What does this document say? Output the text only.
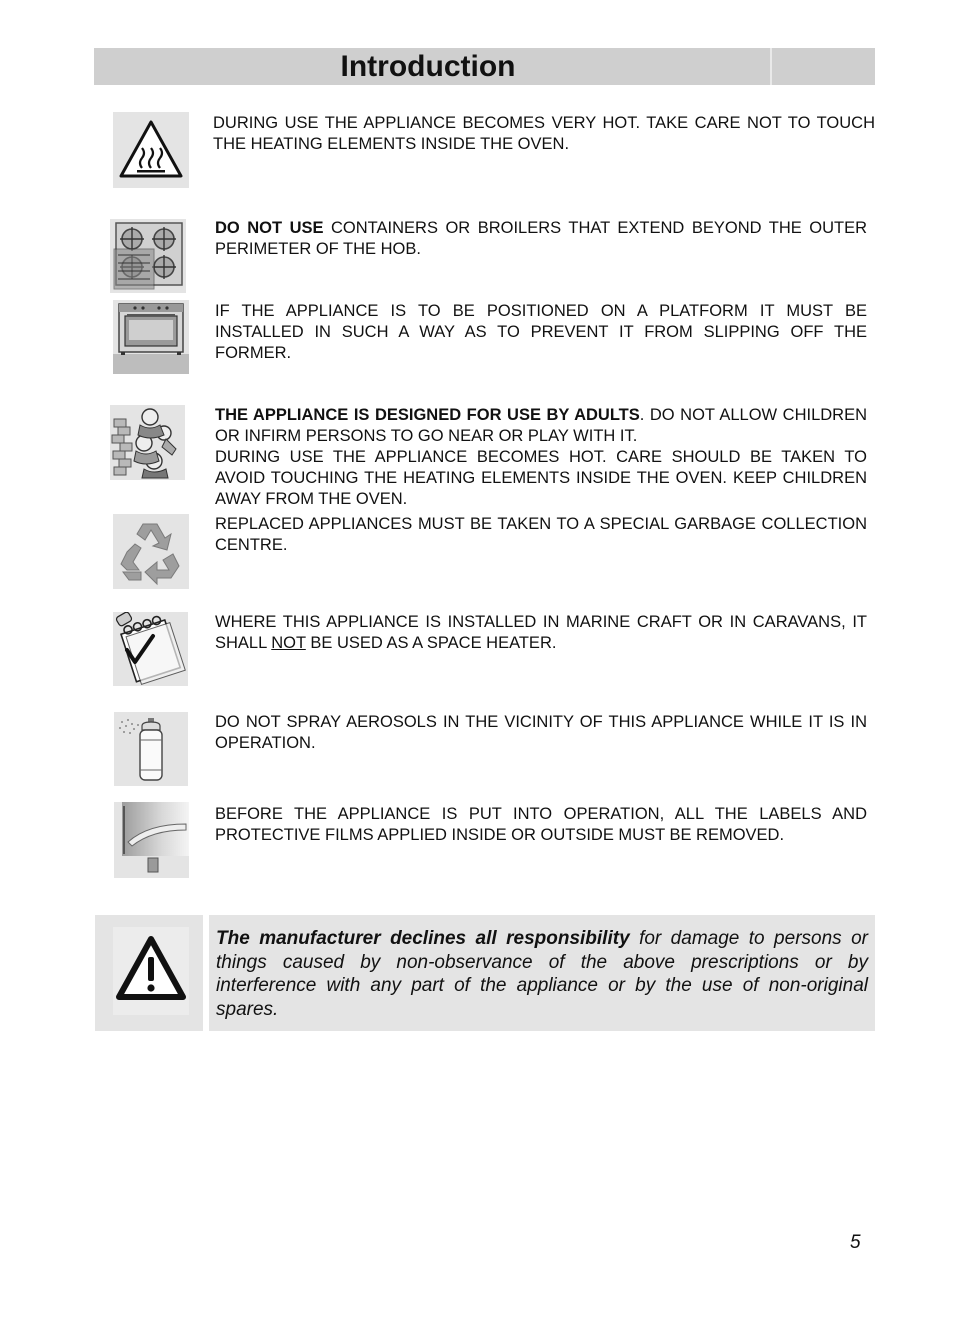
Introduction

DURING USE THE APPLIANCE BECOMES VERY HOT. TAKE CARE NOT TO TOUCH THE HEATING ELEMENTS INSIDE THE OVEN.

DO NOT USE CONTAINERS OR BROILERS THAT EXTEND BEYOND THE OUTER PERIMETER OF THE HOB.

IF THE APPLIANCE IS TO BE POSITIONED ON A PLATFORM IT MUST BE INSTALLED IN SUCH A WAY AS TO PREVENT IT FROM SLIPPING OFF THE FORMER.

THE APPLIANCE IS DESIGNED FOR USE BY ADULTS. DO NOT ALLOW CHILDREN OR INFIRM PERSONS TO GO NEAR OR PLAY WITH IT.
DURING USE THE APPLIANCE BECOMES HOT. CARE SHOULD BE TAKEN TO AVOID TOUCHING THE HEATING ELEMENTS INSIDE THE OVEN. KEEP CHILDREN AWAY FROM THE OVEN.

REPLACED APPLIANCES MUST BE TAKEN TO A SPECIAL GARBAGE COLLECTION CENTRE.

WHERE THIS APPLIANCE IS INSTALLED IN MARINE CRAFT OR IN CARAVANS, IT SHALL NOT BE USED AS A SPACE HEATER.

DO NOT SPRAY AEROSOLS IN THE VICINITY OF THIS APPLIANCE WHILE IT IS IN OPERATION.

BEFORE THE APPLIANCE IS PUT INTO OPERATION, ALL THE LABELS AND PROTECTIVE FILMS APPLIED INSIDE OR OUTSIDE MUST BE REMOVED.

The manufacturer declines all responsibility for damage to persons or things caused by non-observance of the above prescriptions or by interference with any part of the appliance or by the use of non-original spares.

5
